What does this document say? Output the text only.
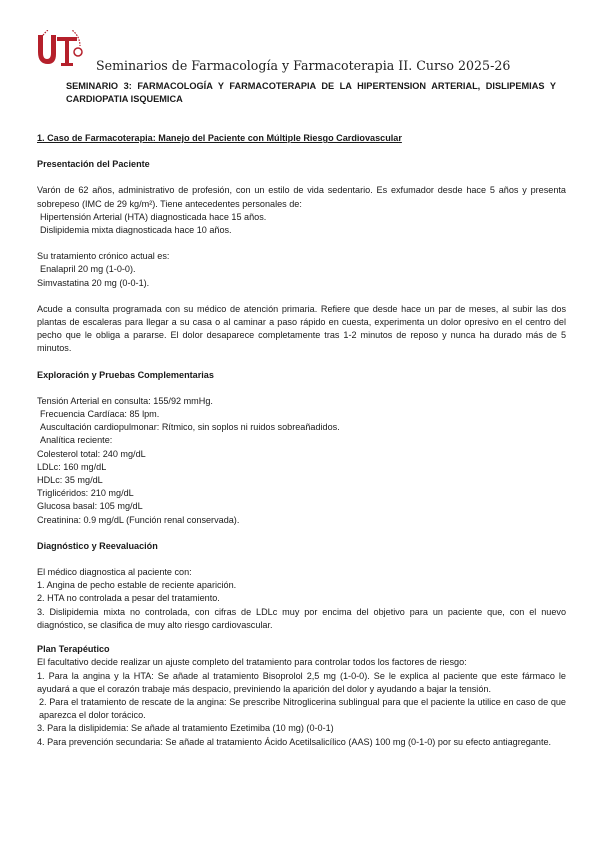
Seminarios de Farmacología y Farmacoterapia II. Curso 2025-26
SEMINARIO 3: FARMACOLOGÍA Y FARMACOTERAPIA DE LA HIPERTENSION ARTERIAL, DISLIPEMIAS Y CARDIOPATIA ISQUEMICA

1. Caso de Farmacoterapia: Manejo del Paciente con Múltiple Riesgo Cardiovascular

Presentación del Paciente

Varón de 62 años, administrativo de profesión, con un estilo de vida sedentario. Es exfumador desde hace 5 años y presenta sobrepeso (IMC de 29 kg/m²). Tiene antecedentes personales de:

Hipertensión Arterial (HTA) diagnosticada hace 15 años.

Dislipidemia mixta diagnosticada hace 10 años.

Su tratamiento crónico actual es:

Enalapril 20 mg (1-0-0).

Simvastatina 20 mg (0-0-1).

Acude a consulta programada con su médico de atención primaria. Refiere que desde hace un par de meses, al subir las dos plantas de escaleras para llegar a su casa o al caminar a paso rápido en cuesta, experimenta un dolor opresivo en el centro del pecho que le obliga a pararse. El dolor desaparece completamente tras 1-2 minutos de reposo y nunca ha durado más de 5 minutos.

Exploración y Pruebas Complementarias

Tensión Arterial en consulta: 155/92 mmHg.

Frecuencia Cardíaca: 85 lpm.

Auscultación cardiopulmonar: Rítmico, sin soplos ni ruidos sobreañadidos.

Analítica reciente:

Colesterol total: 240 mg/dL

LDLc: 160 mg/dL

HDLc: 35 mg/dL

Triglicéridos: 210 mg/dL

Glucosa basal: 105 mg/dL

Creatinina: 0.9 mg/dL (Función renal conservada).

Diagnóstico y Reevaluación

El médico diagnostica al paciente con:

1. Angina de pecho estable de reciente aparición.

2. HTA no controlada a pesar del tratamiento.

3. Dislipidemia mixta no controlada, con cifras de LDLc muy por encima del objetivo para un paciente que, con el nuevo diagnóstico, se clasifica de muy alto riesgo cardiovascular.

Plan Terapéutico

El facultativo decide realizar un ajuste completo del tratamiento para controlar todos los factores de riesgo:

1. Para la angina y la HTA: Se añade al tratamiento Bisoprolol 2,5 mg (1-0-0). Se le explica al paciente que este fármaco le ayudará a que el corazón trabaje más despacio, previniendo la aparición del dolor y ayudando a bajar la tensión.

2. Para el tratamiento de rescate de la angina: Se prescribe Nitroglicerina sublingual para que el paciente la utilice en caso de que aparezca el dolor torácico.

3. Para la dislipidemia: Se añade al tratamiento Ezetimiba (10 mg) (0-0-1)

4. Para prevención secundaria: Se añade al tratamiento Ácido Acetilsalicílico (AAS) 100 mg (0-1-0) por su efecto antiagregante.
